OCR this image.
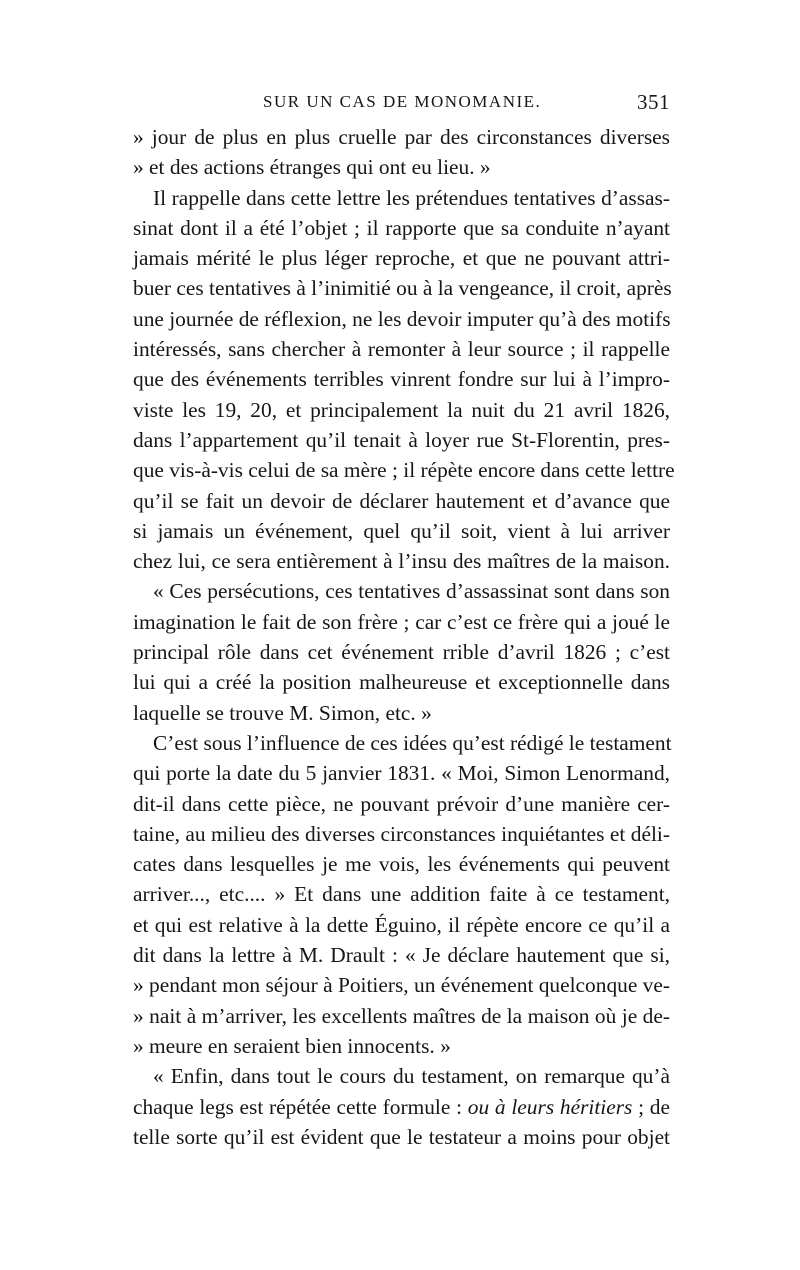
SUR UN CAS DE MONOMANIE.	351
» jour de plus en plus cruelle par des circonstances diverses
» et des actions étranges qui ont eu lieu. »
Il rappelle dans cette lettre les prétendues tentatives d’assas-
sinat dont il a été l’objet ; il rapporte que sa conduite n’ayant
jamais mérité le plus léger reproche, et que ne pouvant attri-
buer ces tentatives à l’inimitié ou à la vengeance, il croit, après
une journée de réflexion, ne les devoir imputer qu’à des motifs
intéressés, sans chercher à remonter à leur source ; il rappelle
que des événements terribles vinrent fondre sur lui à l’impro-
viste les 19, 20, et principalement la nuit du 21 avril 1826,
dans l’appartement qu’il tenait à loyer rue St-Florentin, pres-
que vis-à-vis celui de sa mère ; il répète encore dans cette lettre
qu’il se fait un devoir de déclarer hautement et d’avance que
si jamais un événement, quel qu’il soit, vient à lui arriver
chez lui, ce sera entièrement à l’insu des maîtres de la maison.
« Ces persécutions, ces tentatives d’assassinat sont dans son
imagination le fait de son frère ; car c’est ce frère qui a joué le
principal rôle dans cet événement rrible d’avril 1826 ; c’est
lui qui a créé la position malheureuse et exceptionnelle dans
laquelle se trouve M. Simon, etc. »
C’est sous l’influence de ces idées qu’est rédigé le testament
qui porte la date du 5 janvier 1831. « Moi, Simon Lenormand,
dit-il dans cette pièce, ne pouvant prévoir d’une manière cer-
taine, au milieu des diverses circonstances inquiétantes et déli-
cates dans lesquelles je me vois, les événements qui peuvent
arriver..., etc.... » Et dans une addition faite à ce testament,
et qui est relative à la dette Éguino, il répète encore ce qu’il a
dit dans la lettre à M. Drault : « Je déclare hautement que si,
» pendant mon séjour à Poitiers, un événement quelconque ve-
» nait à m’arriver, les excellents maîtres de la maison où je de-
» meure en seraient bien innocents. »
« Enfin, dans tout le cours du testament, on remarque qu’à
chaque legs est répétée cette formule : ou à leurs héritiers ; de
telle sorte qu’il est évident que le testateur a moins pour objet
